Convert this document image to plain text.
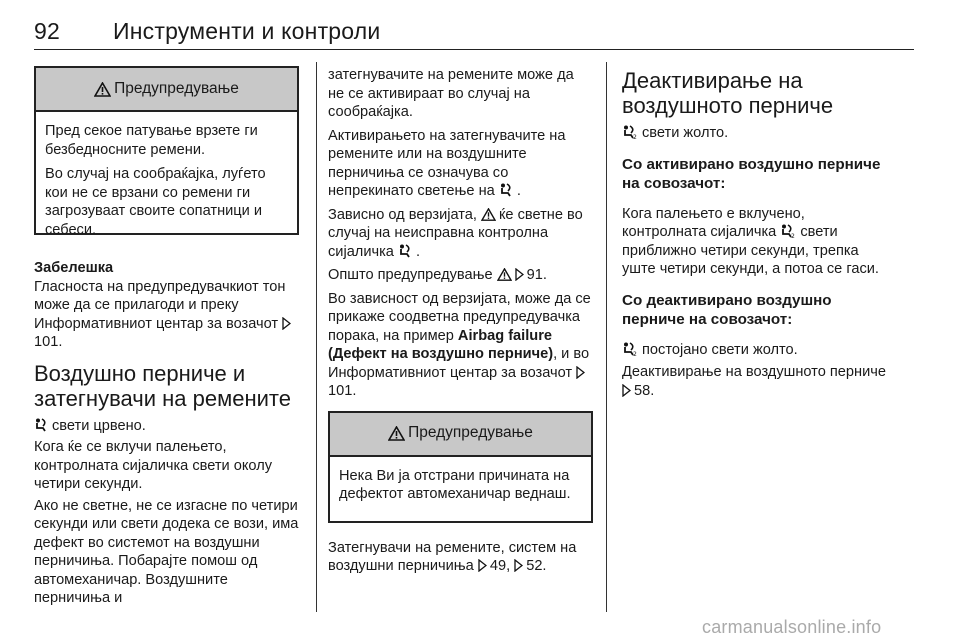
92 Инструменти и контроли
Предупредување

Пред секое патување врзете ги безбедносните ремени.

Во случај на сообраќајка, луѓето кои не се врзани со ремени ги загрозуваат своите сопатници и себеси.

Забелешка

Гласноста на предупредувачкиот тон може да се прилагоди и преку Информативниот центар за возачот 101.

Воздушно перниче и затегнувачи на ремените

свети црвено.

Кога ќе се вклучи палењето, контролната сијаличка свети околу четири секунди.

Ако не светне, не се изгасне по четири секунди или свети додека се вози, има дефект во системот на воздушни перничиња. Побарајте помош од автомеханичар. Воздушните перничиња и

затегнувачите на ремените може да не се активираат во случај на сообраќајка.

Активирањето на затегнувачите на ремените или на воздушните перничиња се означува со непрекинато светење на .

Зависно од верзијата, ќе светне во случај на неисправна контролна сијаличка .

Општо предупредување 91.

Во зависност од верзијата, може да се прикаже соодветна предупредувачка порака, на пример Airbag failure (Дефект на воздушно перниче), и во Информативниот центар за возачот 101.

Предупредување

Нека Ви ја отстрани причината на дефектот автомеханичар веднаш.

Затегнувачи на ремените, систем на воздушни перничиња 49, 52.

Деактивирање на воздушното перниче

2 свети жолто.

Со активирано воздушно перниче на совозачот:

Кога палењето е вклучено, контролната сијаличка	2 свети приближно четири секунди, трепка уште четири секунди, а потоа се гаси.

Со деактивирано воздушно перниче на совозачот:

2 постојано свети жолто.

Деактивирање на воздушното перниче 58.

carmanualsonline.info
